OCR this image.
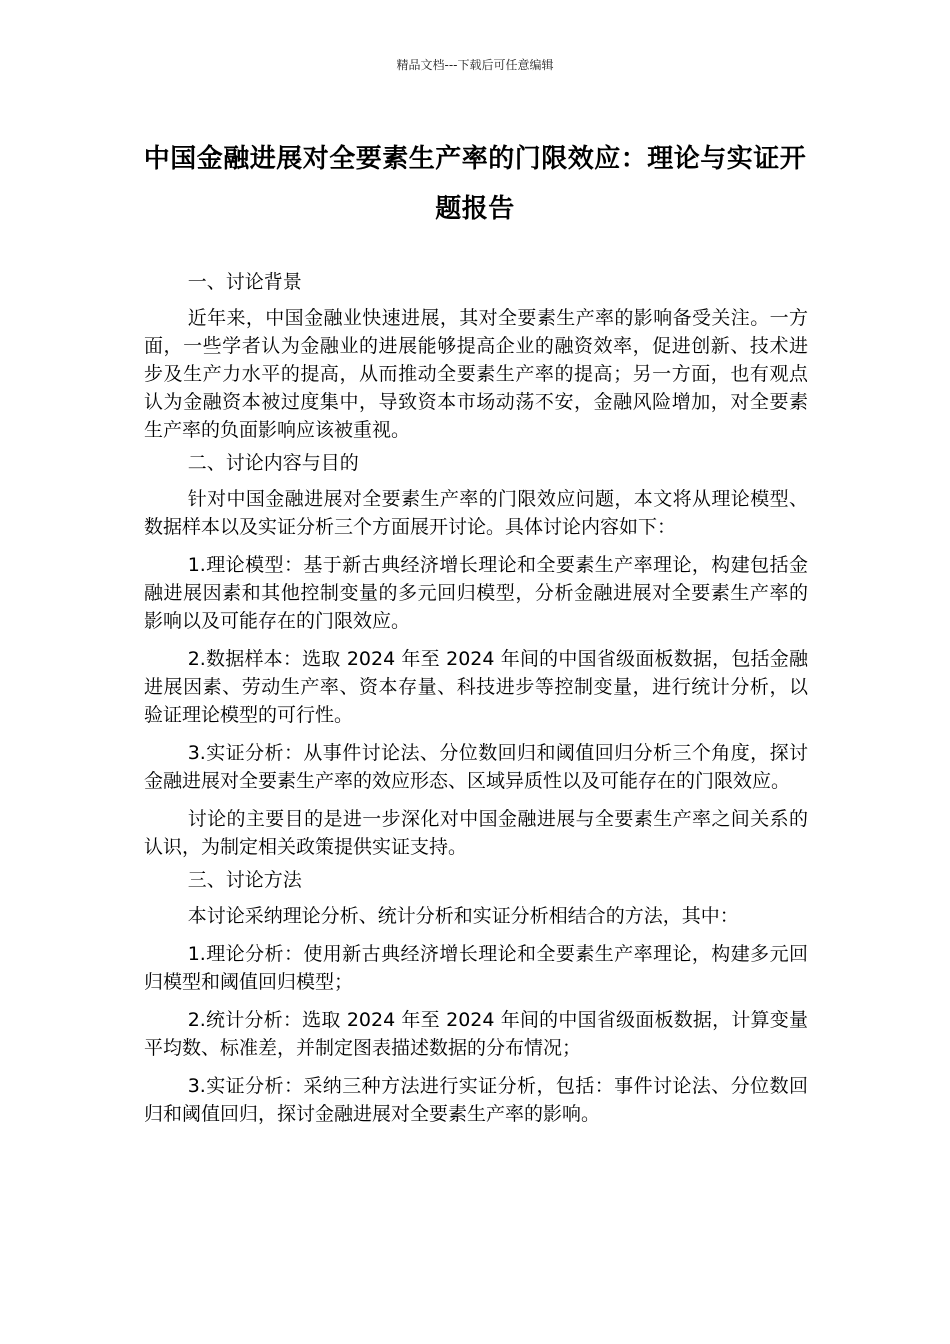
精品文档---下载后可任意编辑
中国金融进展对全要素生产率的门限效应：理论与实证开题报告

一、讨论背景

近年来，中国金融业快速进展，其对全要素生产率的影响备受关注。一方面，一些学者认为金融业的进展能够提高企业的融资效率，促进创新、技术进步及生产力水平的提高，从而推动全要素生产率的提高；另一方面，也有观点认为金融资本被过度集中，导致资本市场动荡不安，金融风险增加，对全要素生产率的负面影响应该被重视。

二、讨论内容与目的

针对中国金融进展对全要素生产率的门限效应问题，本文将从理论模型、数据样本以及实证分析三个方面展开讨论。具体讨论内容如下：

1.理论模型：基于新古典经济增长理论和全要素生产率理论，构建包括金融进展因素和其他控制变量的多元回归模型，分析金融进展对全要素生产率的影响以及可能存在的门限效应。

2.数据样本：选取 2024 年至 2024 年间的中国省级面板数据，包括金融进展因素、劳动生产率、资本存量、科技进步等控制变量，进行统计分析，以验证理论模型的可行性。

3.实证分析：从事件讨论法、分位数回归和阈值回归分析三个角度，探讨金融进展对全要素生产率的效应形态、区域异质性以及可能存在的门限效应。

讨论的主要目的是进一步深化对中国金融进展与全要素生产率之间关系的认识，为制定相关政策提供实证支持。

三、讨论方法

本讨论采纳理论分析、统计分析和实证分析相结合的方法，其中：

1.理论分析：使用新古典经济增长理论和全要素生产率理论，构建多元回归模型和阈值回归模型；

2.统计分析：选取 2024 年至 2024 年间的中国省级面板数据，计算变量平均数、标准差，并制定图表描述数据的分布情况；

3.实证分析：采纳三种方法进行实证分析，包括：事件讨论法、分位数回归和阈值回归，探讨金融进展对全要素生产率的影响。
